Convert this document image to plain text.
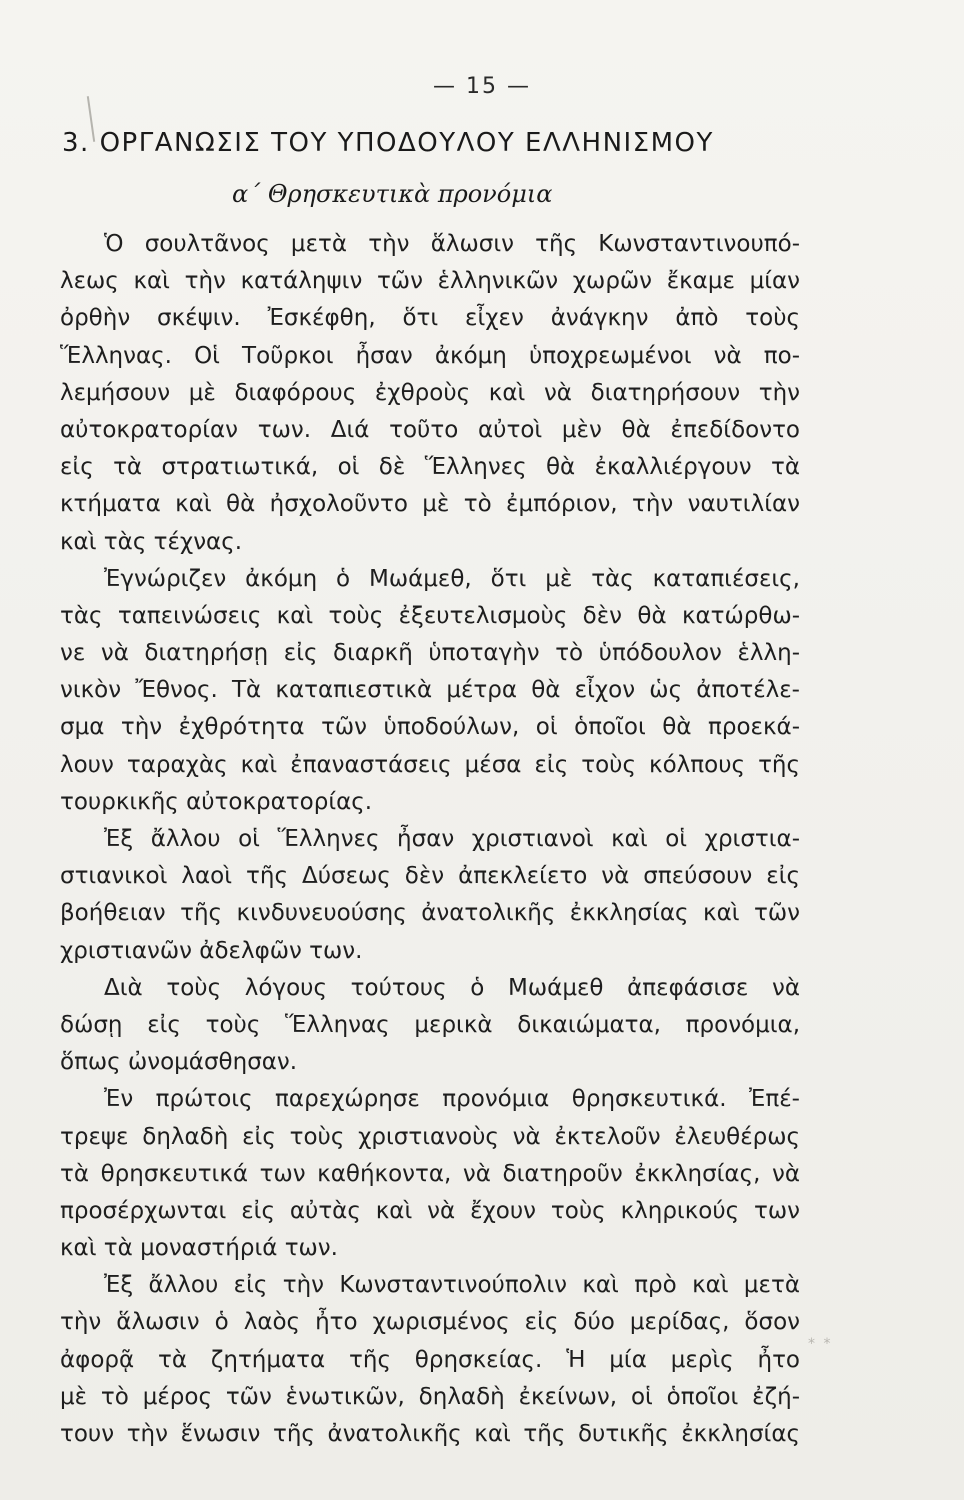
— 15 —
3. ΟΡΓΑΝΩΣΙΣ ΤΟΥ ΥΠΟΔΟΥΛΟΥ ΕΛΛΗΝΙΣΜΟΥ
α΄ Θρησκευτικὰ προνόμια
Ὁ σουλτᾶνος μετὰ τὴν ἅλωσιν τῆς Κωνσταντινουπό-
λεως καὶ τὴν κατάληψιν τῶν ἑλληνικῶν χωρῶν ἔκαμε μίαν
ὀρθὴν σκέψιν. Ἐσκέφθη, ὅτι εἶχεν ἀνάγκην ἀπὸ τοὺς
Ἕλληνας. Οἱ Τοῦρκοι ἦσαν ἀκόμη ὑποχρεωμένοι νὰ πο-
λεμήσουν μὲ διαφόρους ἐχθροὺς καὶ νὰ διατηρήσουν τὴν
αὐτοκρατορίαν των. Διά τοῦτο αὐτοὶ μὲν θὰ ἐπεδίδοντο
εἰς τὰ στρατιωτικά, οἱ δὲ Ἕλληνες θὰ ἐκαλλιέργουν τὰ
κτήματα καὶ θὰ ἠσχολοῦντο μὲ τὸ ἐμπόριον, τὴν ναυτιλίαν
καὶ τὰς τέχνας.
Ἐγνώριζεν ἀκόμη ὁ Μωάμεθ, ὅτι μὲ τὰς καταπιέσεις,
τὰς ταπεινώσεις καὶ τοὺς ἐξευτελισμοὺς δὲν θὰ κατώρθω-
νε νὰ διατηρήσῃ εἰς διαρκῆ ὑποταγὴν τὸ ὑπόδουλον ἑλλη-
νικὸν Ἔθνος. Τὰ καταπιεστικὰ μέτρα θὰ εἶχον ὡς ἀποτέλε-
σμα τὴν ἐχθρότητα τῶν ὑποδούλων, οἱ ὁποῖοι θὰ προεκά-
λουν ταραχὰς καὶ ἐπαναστάσεις μέσα εἰς τοὺς κόλπους τῆς
τουρκικῆς αὐτοκρατορίας.
Ἐξ ἄλλου οἱ Ἕλληνες ἦσαν χριστιανοὶ καὶ οἱ χριστια-
στιανικοὶ λαοὶ τῆς Δύσεως δὲν ἀπεκλείετο νὰ σπεύσουν εἰς
βοήθειαν τῆς κινδυνευούσης ἀνατολικῆς ἐκκλησίας καὶ τῶν
χριστιανῶν ἀδελφῶν των.
Διὰ τοὺς λόγους τούτους ὁ Μωάμεθ ἀπεφάσισε νὰ
δώσῃ εἰς τοὺς Ἕλληνας μερικὰ δικαιώματα, προνόμια,
ὅπως ὠνομάσθησαν.
Ἐν πρώτοις παρεχώρησε προνόμια θρησκευτικά. Ἐπέ-
τρεψε δηλαδὴ εἰς τοὺς χριστιανοὺς νὰ ἐκτελοῦν ἐλευθέρως
τὰ θρησκευτικά των καθήκοντα, νὰ διατηροῦν ἐκκλησίας, νὰ
προσέρχωνται εἰς αὐτὰς καὶ νὰ ἔχουν τοὺς κληρικούς των
καὶ τὰ μοναστήριά των.
Ἐξ ἄλλου εἰς τὴν Κωνσταντινούπολιν καὶ πρὸ καὶ μετὰ
τὴν ἅλωσιν ὁ λαὸς ἦτο χωρισμένος εἰς δύο μερίδας, ὅσον
ἀφορᾷ τὰ ζητήματα τῆς θρησκείας. Ἡ μία μερὶς ἦτο
μὲ τὸ μέρος τῶν ἑνωτικῶν, δηλαδὴ ἐκείνων, οἱ ὁποῖοι ἐζή-
τουν τὴν ἕνωσιν τῆς ἀνατολικῆς καὶ τῆς δυτικῆς ἐκκλησίας
* *
